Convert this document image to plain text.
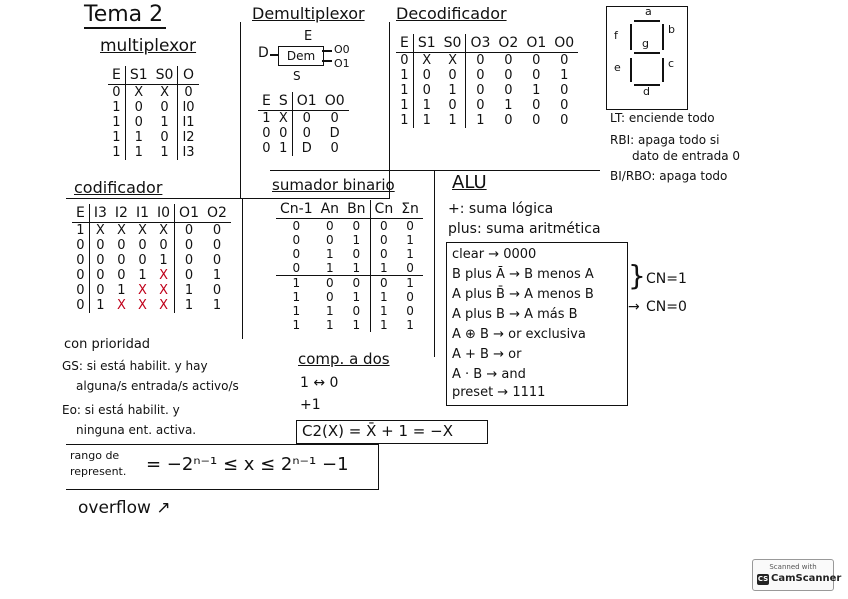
Tema 2
multiplexor
E	S1	S0	O
0	X	X	0
1	0	0	I0
1	0	1	I1
1	1	0	I2
1	1	1	I3
Demultiplexor
D	Dem
E
S
O0
O1
E	S	O1	O0
1	X	0	0
0	0	0	D
0	1	D	0
Decodificador
E	S1	S0	O3	O2	O1	O0
0	X	X	0	0	0	0
1	0	0	0	0	0	1
1	0	1	0	0	1	0
1	1	0	0	1	0	0
1	1	1	1	0	0	0
a
b
c
d
e
f
g
LT: enciende todo
RBI: apaga todo si
dato de entrada 0
BI/RBO: apaga todo
codificador
E	I3	I2	I1	I0	O1	O2
1	X	X	X	X	0	0
0	0	0	0	0	0	0
0	0	0	0	1	0	0
0	0	0	1	X	0	1
0	0	1	X	X	1	0
0	1	X	X	X	1	1
con prioridad
GS: si está habilit. y hay
alguna/s entrada/s activo/s
Eo: si está habilit. y
ninguna ent. activa.
sumador binario
Cn-1	An	Bn	Cn	Σn
0	0	0	0	0
0	0	1	0	1
0	1	0	0	1
0	1	1	1	0
1	0	0	0	1
1	0	1	1	0
1	1	0	1	0
1	1	1	1	1
comp. a dos
1 ↔ 0
+1
C2(X) = X̄ + 1 = −X
ALU
+: suma lógica
plus: suma aritmética
clear → 0000
B plus Ā → B menos A
A plus B̄ → A menos B
A plus B → A más B
A ⊕ B → or exclusiva
A + B → or
A · B → and
preset → 1111
} CN=1
→ CN=0
rango de
represent. = −2ⁿ⁻¹ ≤ x ≤ 2ⁿ⁻¹ −1
overflow ↗
Scanned with
CS CamScanner
